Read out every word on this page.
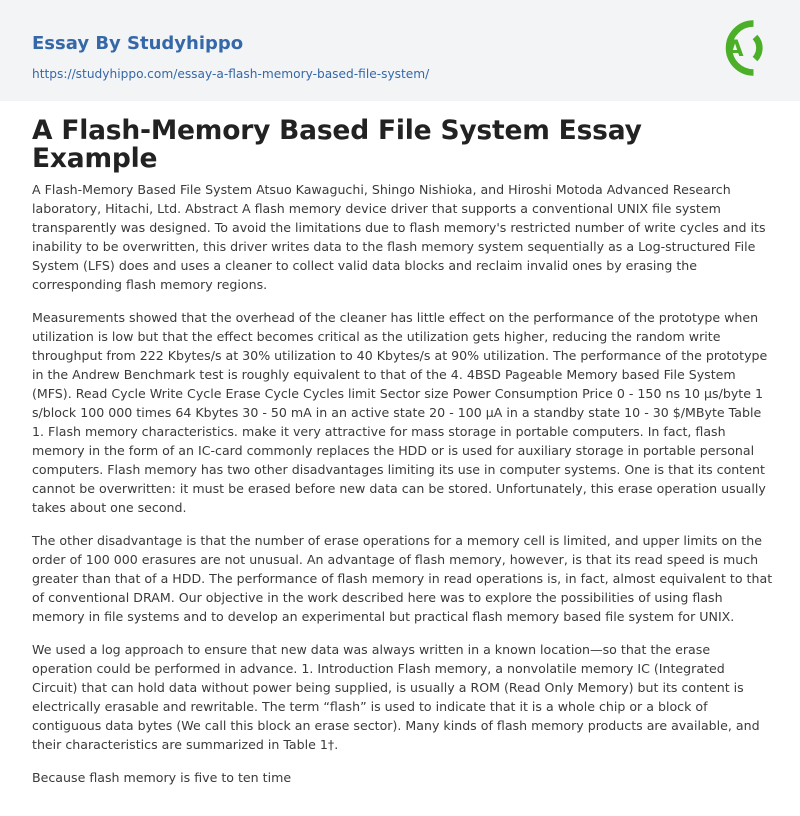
Essay By Studyhippo
https://studyhippo.com/essay-a-flash-memory-based-file-system/
A
A Flash-Memory Based File System Essay Example

A Flash-Memory Based File System Atsuo Kawaguchi, Shingo Nishioka, and Hiroshi Motoda Advanced Research laboratory, Hitachi, Ltd. Abstract A flash memory device driver that supports a conventional UNIX file system transparently was designed. To avoid the limitations due to flash memory's restricted number of write cycles and its inability to be overwritten, this driver writes data to the flash memory system sequentially as a Log-structured File System (LFS) does and uses a cleaner to collect valid data blocks and reclaim invalid ones by erasing the corresponding flash memory regions.

Measurements showed that the overhead of the cleaner has little effect on the performance of the prototype when utilization is low but that the effect becomes critical as the utilization gets higher, reducing the random write throughput from 222 Kbytes/s at 30% utilization to 40 Kbytes/s at 90% utilization. The performance of the prototype in the Andrew Benchmark test is roughly equivalent to that of the 4. 4BSD Pageable Memory based File System (MFS). Read Cycle Write Cycle Erase Cycle Cycles limit Sector size Power Consumption Price 0 - 150 ns 10 µs/byte 1 s/block 100 000 times 64 Kbytes 30 - 50 mA in an active state 20 - 100 µA in a standby state 10 - 30 $/MByte Table 1. Flash memory characteristics. make it very attractive for mass storage in portable computers. In fact, flash memory in the form of an IC-card commonly replaces the HDD or is used for auxiliary storage in portable personal computers. Flash memory has two other disadvantages limiting its use in computer systems. One is that its content cannot be overwritten: it must be erased before new data can be stored. Unfortunately, this erase operation usually takes about one second.

The other disadvantage is that the number of erase operations for a memory cell is limited, and upper limits on the order of 100 000 erasures are not unusual. An advantage of flash memory, however, is that its read speed is much greater than that of a HDD. The performance of flash memory in read operations is, in fact, almost equivalent to that of conventional DRAM. Our objective in the work described here was to explore the possibilities of using flash memory in file systems and to develop an experimental but practical flash memory based file system for UNIX.

We used a log approach to ensure that new data was always written in a known location—so that the erase operation could be performed in advance. 1. Introduction Flash memory, a nonvolatile memory IC (Integrated Circuit) that can hold data without power being supplied, is usually a ROM (Read Only Memory) but its content is electrically erasable and rewritable. The term “flash” is used to indicate that it is a whole chip or a block of contiguous data bytes (We call this block an erase sector). Many kinds of flash memory products are available, and their characteristics are summarized in Table 1†.

Because flash memory is five to ten time
